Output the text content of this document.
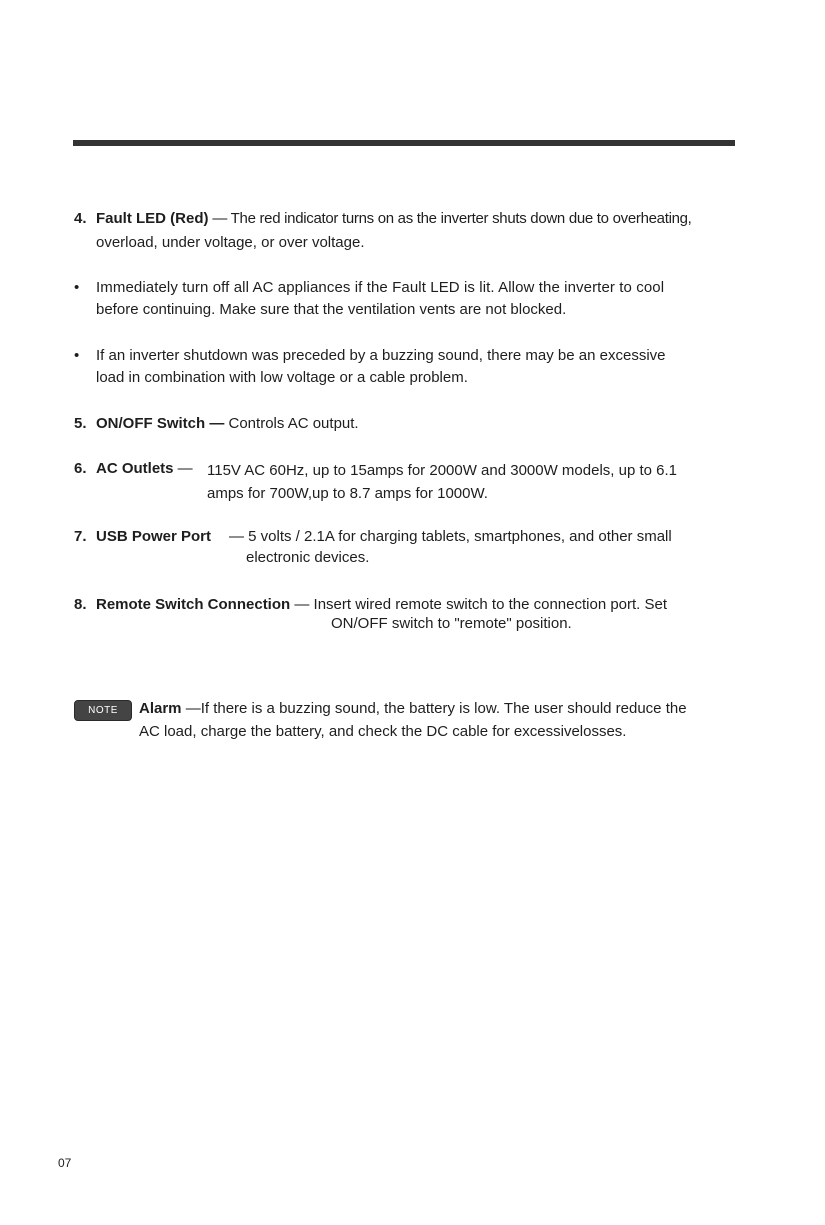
4. Fault LED (Red) — The red indicator turns on as the inverter shuts down due to overheating,
overload, under voltage, or over voltage.
• Immediately turn off all AC appliances if the Fault LED is lit. Allow the inverter to cool
before continuing. Make sure that the ventilation vents are not blocked.
• If an inverter shutdown was preceded by a buzzing sound, there may be an excessive
load in combination with low voltage or a cable problem.
5. ON/OFF Switch — Controls AC output.
6. AC Outlets — 115V AC 60Hz, up to 15amps for 2000W and 3000W models, up to 6.1
amps for 700W,up to 8.7 amps for 1000W.
7. USB Power Port — 5 volts / 2.1A for charging tablets, smartphones, and other small
electronic devices.
8. Remote Switch Connection — Insert wired remote switch to the connection port. Set
ON/OFF switch to "remote" position.
NOTE	Alarm —If there is a buzzing sound, the battery is low. The user should reduce the
AC load, charge the battery, and check the DC cable for excessivelosses.
07
